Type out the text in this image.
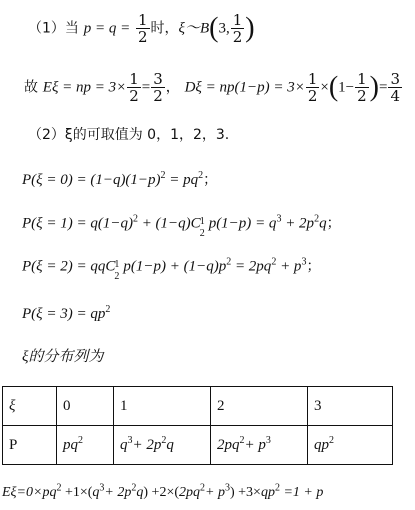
（1）当 $p = q = \frac{1}{2}$ 时，ξ～B(3, $\frac{1}{2}$ )
故 Eξ = np = $3\times \frac{1}{2} = \frac{3}{2}$ ， $D\xi = np(1-p) = 3\times \frac{1}{2} \times(1- \frac{1}{2}$ )= $\frac{3}{4}$
（2）ξ的可取值为 0，1，2，3.
$P(\xi = 0) = (1-q)(1-p)^2 = pq^2$；
$P(\xi = 1) = q(1-q)^2 + (1-q)C$ 1
2
$p(1-p) = q^3 + 2p^2q$；
P(ξ = 2) = qqC 1
2
$p(1-p) + (1-q)p^2 = 2pq^2 + p^3$；
$P(\xi = 3) = qp^2$
ξ的分布列为
ξ	0	1	2	3
P	$pq^2$	$q^3+ 2p^2q$	$2pq^2+ p^3$	$qp^2$
$E\xi=0\times pq^2 +1\times(q^3+ 2p^2q) +2\times(2pq^2+ p^3) +3\times qp^2 =1 + p$
